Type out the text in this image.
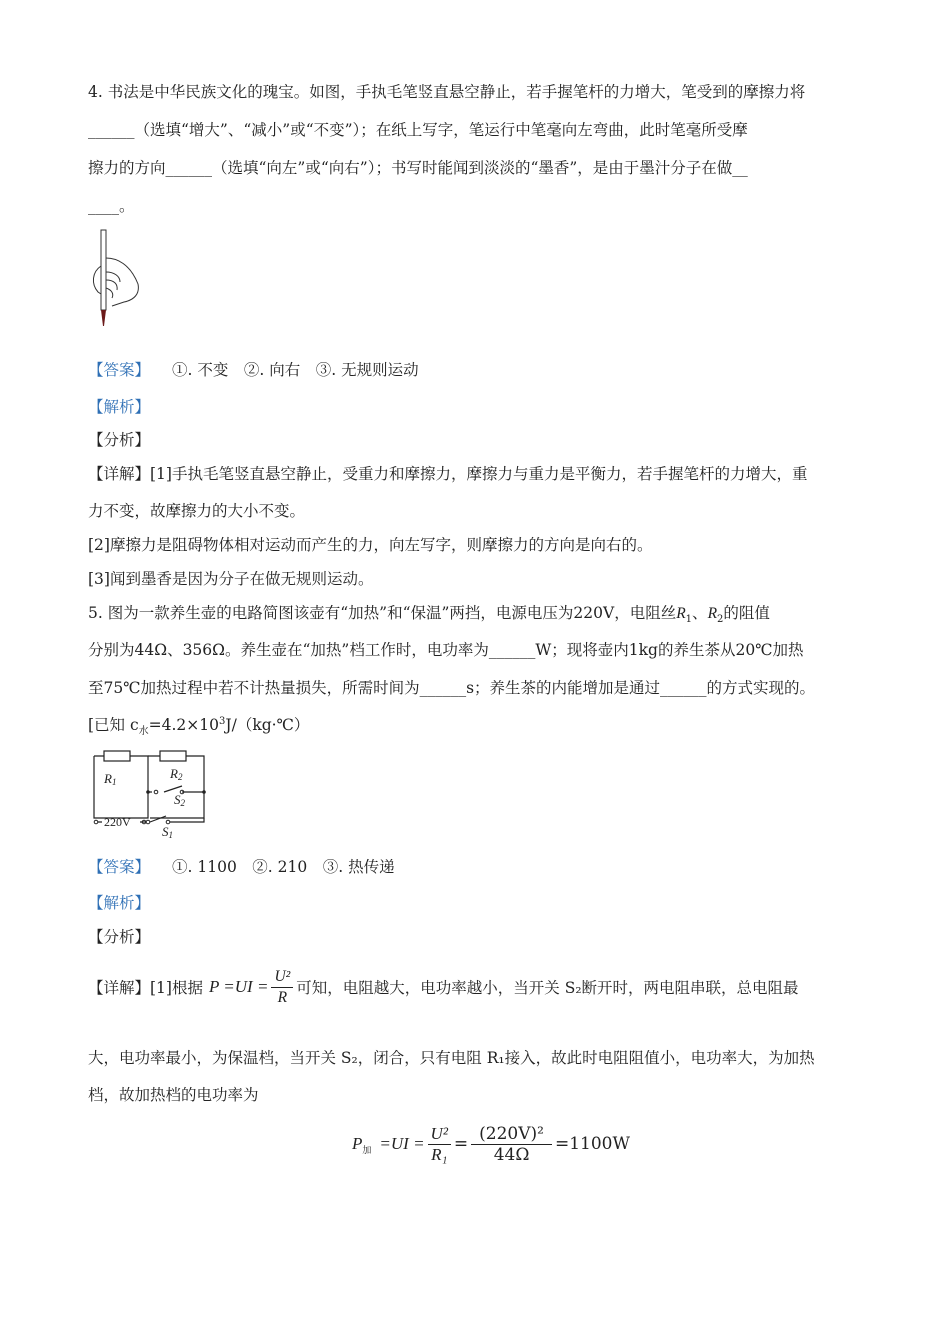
4. 书法是中华民族文化的瑰宝。如图，手执毛笔竖直悬空静止，若手握笔杆的力增大，笔受到的摩擦力将
______（选填“增大”、“减小”或“不变”）；在纸上写字，笔运行中笔毫向左弯曲，此时笔毫所受摩
擦力的方向______（选填“向左”或“向右”）；书写时能闻到淡淡的“墨香”，是由于墨汁分子在做__
____。
【答案】 ①. 不变　②. 向右　③. 无规则运动
【解析】
【分析】
【详解】[1]手执毛笔竖直悬空静止，受重力和摩擦力，摩擦力与重力是平衡力，若手握笔杆的力增大，重
力不变，故摩擦力的大小不变。
[2]摩擦力是阻碍物体相对运动而产生的力，向左写字，则摩擦力的方向是向右的。
[3]闻到墨香是因为分子在做无规则运动。
5. 图为一款养生壶的电路简图该壶有“加热”和“保温”两挡，电源电压为220V，电阻丝$R_1$、$R_2$的阻值
分别为44Ω、356Ω。养生壶在“加热”档工作时，电功率为______W；现将壶内1kg的养生茶从20℃加热
至75℃加热过程中若不计热量损失，所需时间为______s；养生茶的内能增加是通过______的方式实现的。
[已知 $c_水=4.2\times 10^3J/(kg\cdot℃)$
R1
R2
S2
220V
S1
【答案】 ①. 1100　②. 210　③. 热传递
【解析】
【分析】
【详解】[1]根据 $P =UI = \frac{\text{U²}}{R}$ 可知，电阻越大，电功率越小，当开关 S₂断开时，两电阻串联，总电阻最
大，电功率最小，为保温档，当开关 S₂，闭合，只有电阻 R₁接入，故此时电阻阻值小，电功率大，为加热
档，故加热档的电功率为
$P_加 =UI = \frac{\text{U²}}{\text{R₁}} = \frac{\text{(220V)²}}{44\Omega} =1100W$
